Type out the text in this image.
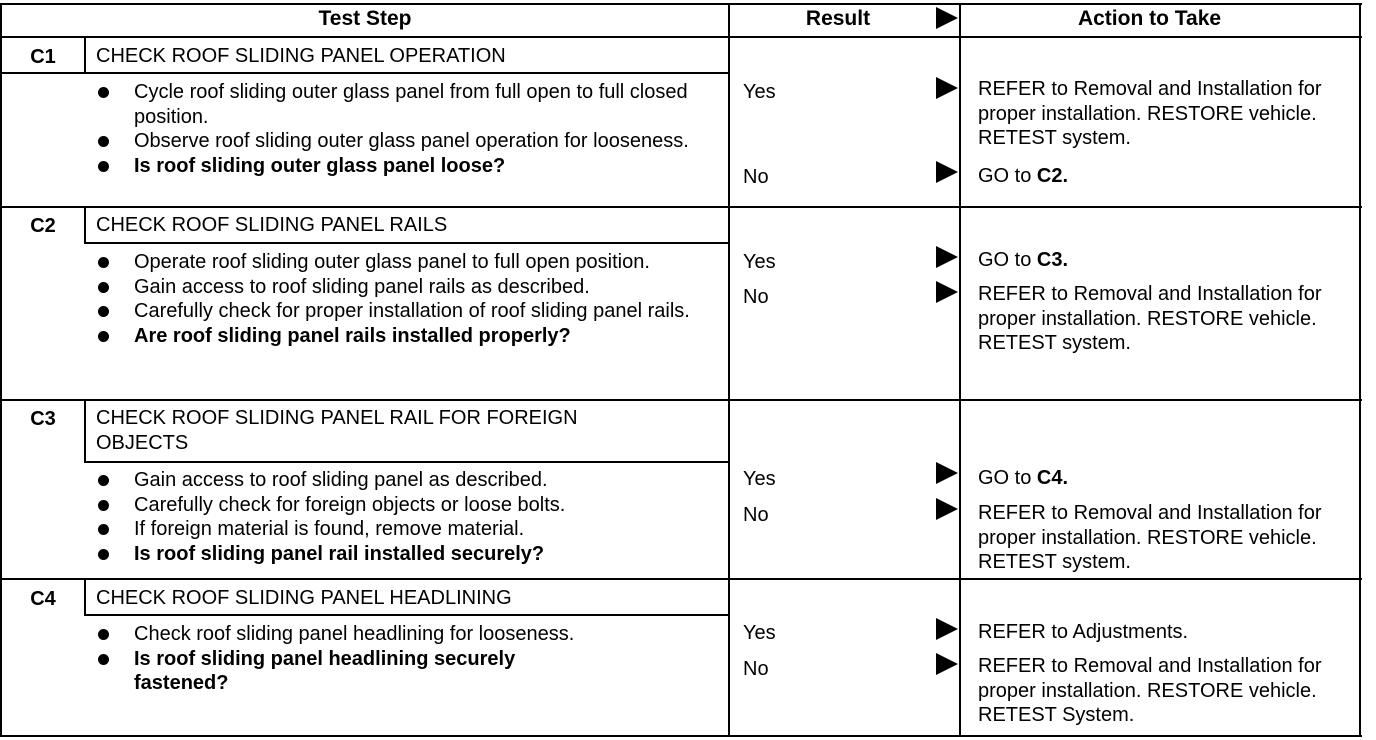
Test Step	Result	Action to Take
C1	CHECK ROOF SLIDING PANEL OPERATION
Cycle roof sliding outer glass panel from full open to full closed position.
Observe roof sliding outer glass panel operation for looseness.
Is roof sliding outer glass panel loose?
Yes	REFER to Removal and Installation for proper installation. RESTORE vehicle. RETEST system.
No	GO to C2.
C2	CHECK ROOF SLIDING PANEL RAILS
Operate roof sliding outer glass panel to full open position.
Gain access to roof sliding panel rails as described.
Carefully check for proper installation of roof sliding panel rails.
Are roof sliding panel rails installed properly?
Yes	GO to C3.
No	REFER to Removal and Installation for proper installation. RESTORE vehicle. RETEST system.
C3	CHECK ROOF SLIDING PANEL RAIL FOR FOREIGN
OBJECTS
Gain access to roof sliding panel as described.
Carefully check for foreign objects or loose bolts.
If foreign material is found, remove material.
Is roof sliding panel rail installed securely?
Yes	GO to C4.
No	REFER to Removal and Installation for proper installation. RESTORE vehicle. RETEST system.
C4	CHECK ROOF SLIDING PANEL HEADLINING
Check roof sliding panel headlining for looseness.
Is roof sliding panel headlining securely fastened?
Yes	REFER to Adjustments.
No	REFER to Removal and Installation for proper installation. RESTORE vehicle. RETEST System.
